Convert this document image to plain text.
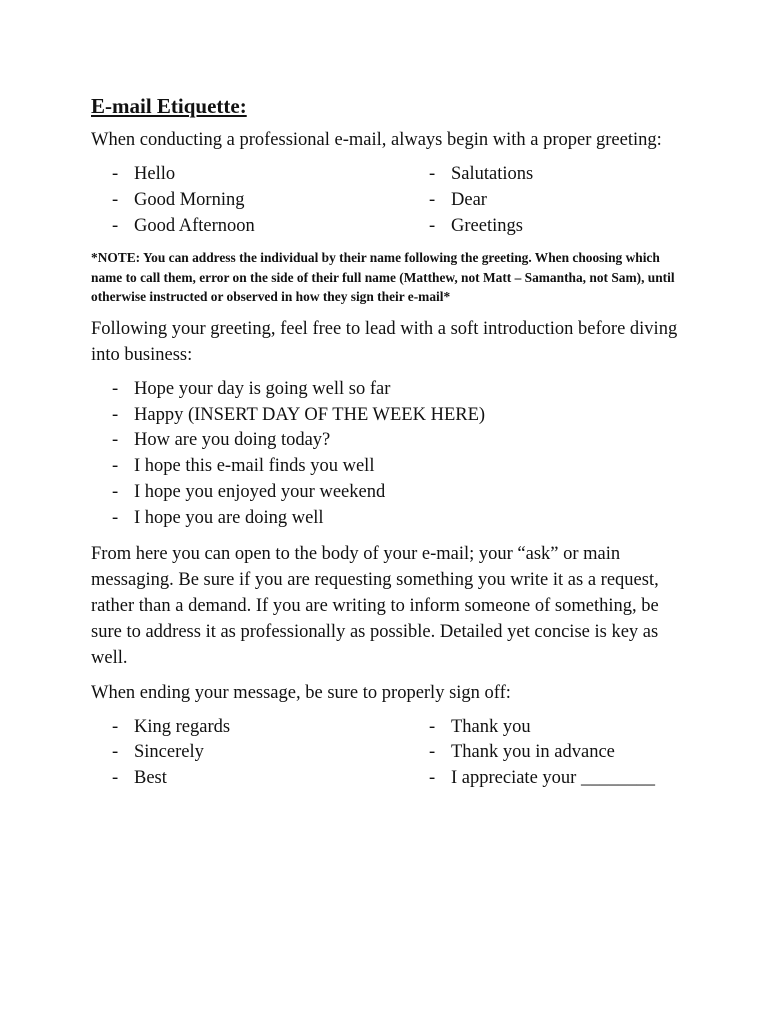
E-mail Etiquette:

When conducting a professional e-mail, always begin with a proper greeting:

- Hello
- Good Morning
- Good Afternoon
- Salutations
- Dear
- Greetings

*NOTE: You can address the individual by their name following the greeting. When choosing which name to call them, error on the side of their full name (Matthew, not Matt – Samantha, not Sam), until otherwise instructed or observed in how they sign their e-mail*

Following your greeting, feel free to lead with a soft introduction before diving into business:

- Hope your day is going well so far
- Happy (INSERT DAY OF THE WEEK HERE)
- How are you doing today?
- I hope this e-mail finds you well
- I hope you enjoyed your weekend
- I hope you are doing well

From here you can open to the body of your e-mail; your “ask” or main messaging. Be sure if you are requesting something you write it as a request, rather than a demand. If you are writing to inform someone of something, be sure to address it as professionally as possible. Detailed yet concise is key as well.

When ending your message, be sure to properly sign off:

- King regards
- Sincerely
- Best
- Thank you
- Thank you in advance
- I appreciate your ________
